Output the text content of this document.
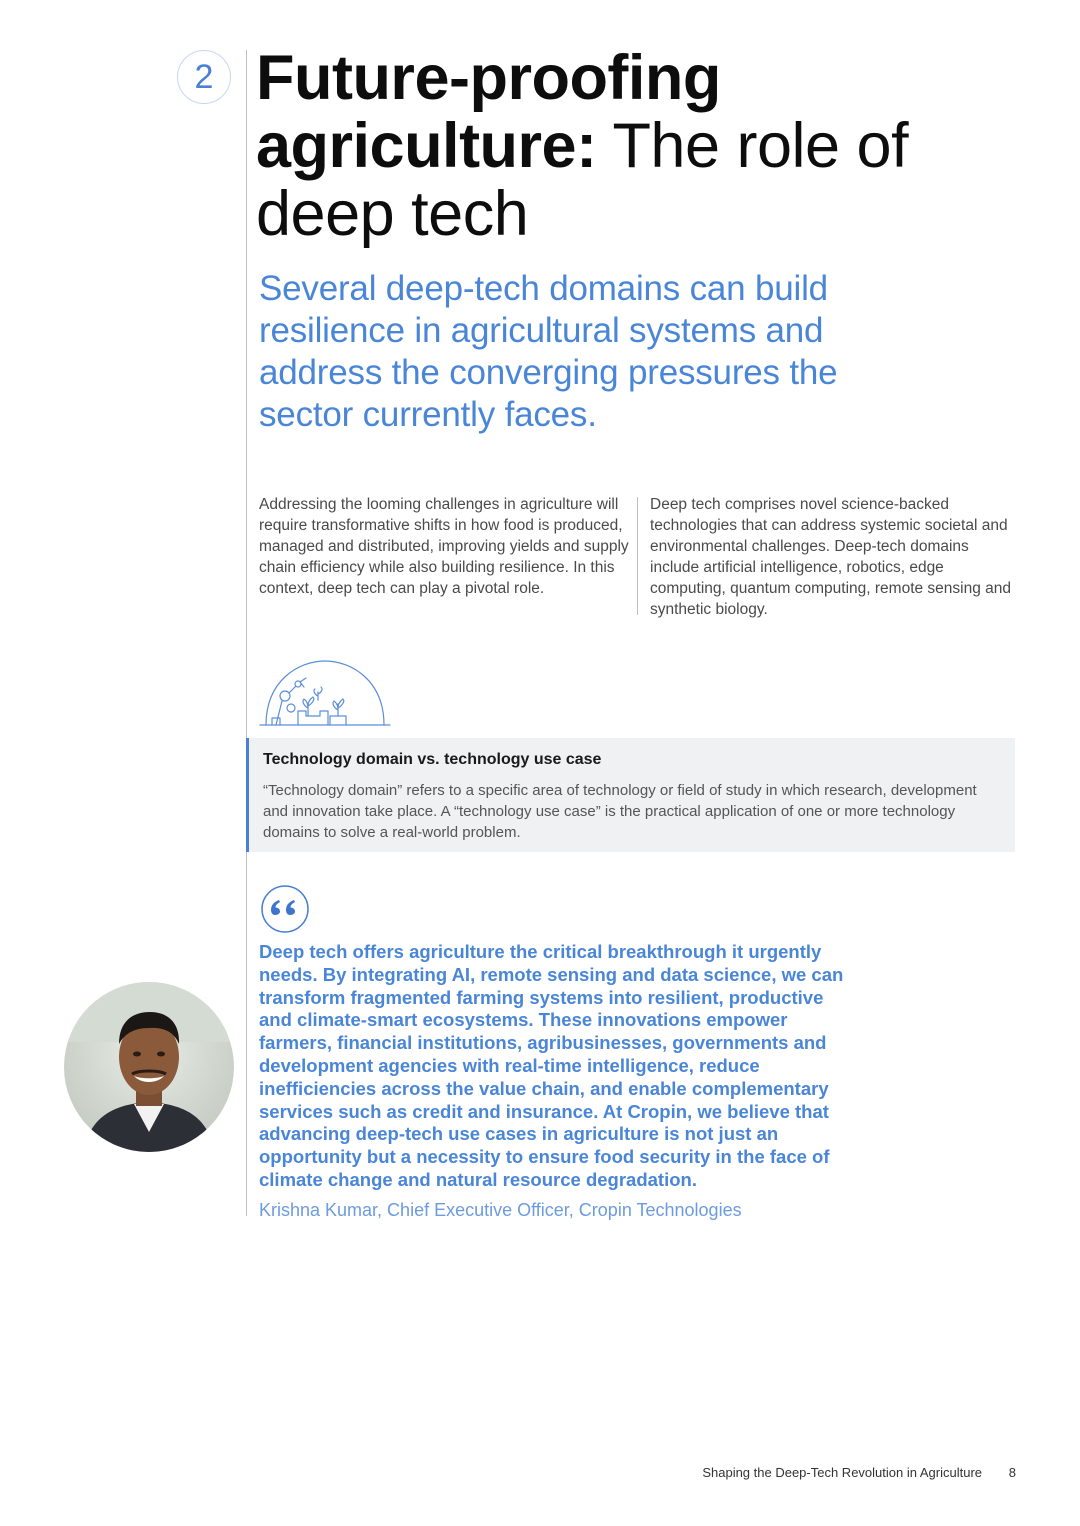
2 Future-proofing
agriculture: The role of deep tech
Several deep-tech domains can build resilience in agricultural systems and address the converging pressures the sector currently faces.
Addressing the looming challenges in agriculture will require transformative shifts in how food is produced, managed and distributed, improving yields and supply chain efficiency while also building resilience. In this context, deep tech can play a pivotal role.
Deep tech comprises novel science-backed technologies that can address systemic societal and environmental challenges. Deep-tech domains include artificial intelligence, robotics, edge computing, quantum computing, remote sensing and synthetic biology.
Technology domain vs. technology use case
“Technology domain” refers to a specific area of technology or field of study in which research, development and innovation take place. A “technology use case” is the practical application of one or more technology domains to solve a real-world problem.
Deep tech offers agriculture the critical breakthrough it urgently needs. By integrating AI, remote sensing and data science, we can transform fragmented farming systems into resilient, productive and climate-smart ecosystems. These innovations empower farmers, financial institutions, agribusinesses, governments and development agencies with real-time intelligence, reduce inefficiencies across the value chain, and enable complementary services such as credit and insurance. At Cropin, we believe that advancing deep-tech use cases in agriculture is not just an opportunity but a necessity to ensure food security in the face of climate change and natural resource degradation.
Krishna Kumar, Chief Executive Officer, Cropin Technologies
Shaping the Deep-Tech Revolution in Agriculture 8
